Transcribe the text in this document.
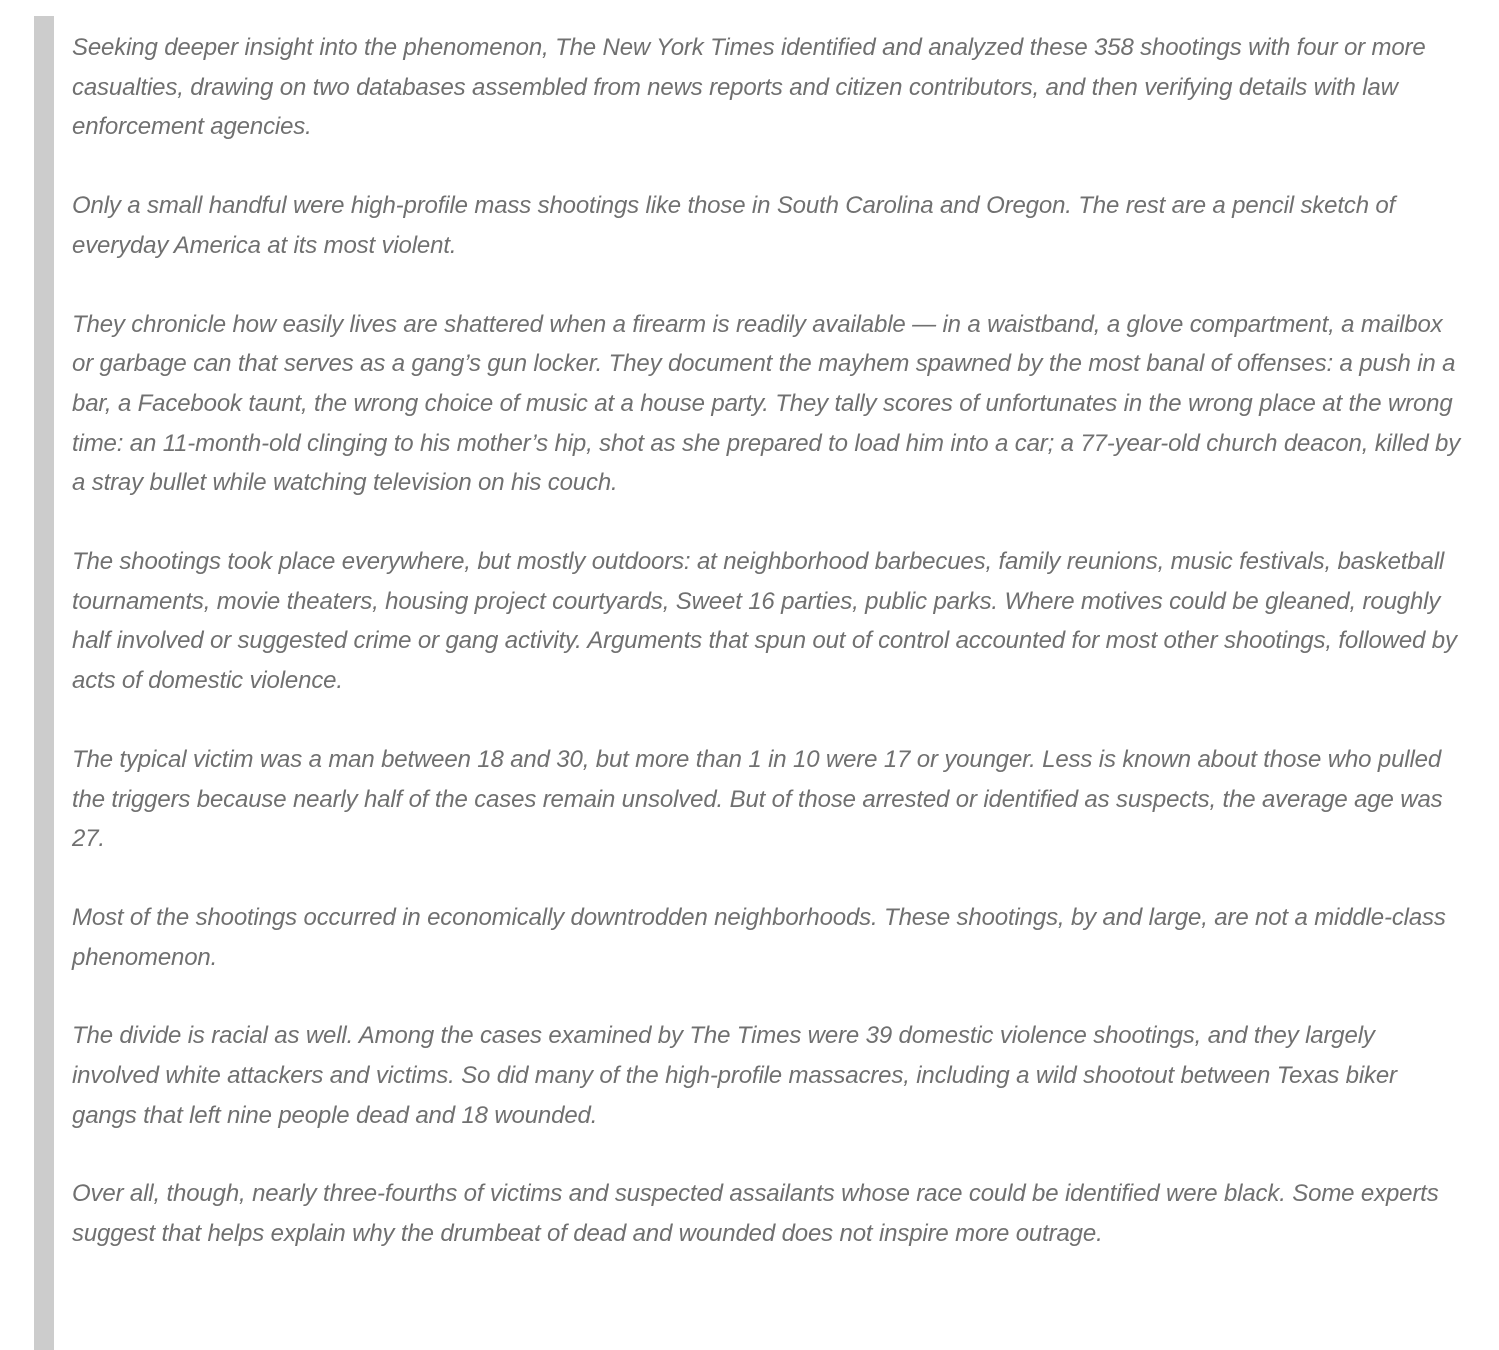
Seeking deeper insight into the phenomenon, The New York Times identified and analyzed these 358 shootings with four or more casualties, drawing on two databases assembled from news reports and citizen contributors, and then verifying details with law enforcement agencies.

Only a small handful were high-profile mass shootings like those in South Carolina and Oregon. The rest are a pencil sketch of everyday America at its most violent.

They chronicle how easily lives are shattered when a firearm is readily available — in a waistband, a glove compartment, a mailbox or garbage can that serves as a gang’s gun locker. They document the mayhem spawned by the most banal of offenses: a push in a bar, a Facebook taunt, the wrong choice of music at a house party. They tally scores of unfortunates in the wrong place at the wrong time: an 11-month-old clinging to his mother’s hip, shot as she prepared to load him into a car; a 77-year-old church deacon, killed by a stray bullet while watching television on his couch.

The shootings took place everywhere, but mostly outdoors: at neighborhood barbecues, family reunions, music festivals, basketball tournaments, movie theaters, housing project courtyards, Sweet 16 parties, public parks. Where motives could be gleaned, roughly half involved or suggested crime or gang activity. Arguments that spun out of control accounted for most other shootings, followed by acts of domestic violence.

The typical victim was a man between 18 and 30, but more than 1 in 10 were 17 or younger. Less is known about those who pulled the triggers because nearly half of the cases remain unsolved. But of those arrested or identified as suspects, the average age was 27.

Most of the shootings occurred in economically downtrodden neighborhoods. These shootings, by and large, are not a middle-class phenomenon.

The divide is racial as well. Among the cases examined by The Times were 39 domestic violence shootings, and they largely involved white attackers and victims. So did many of the high-profile massacres, including a wild shootout between Texas biker gangs that left nine people dead and 18 wounded.

Over all, though, nearly three-fourths of victims and suspected assailants whose race could be identified were black. Some experts suggest that helps explain why the drumbeat of dead and wounded does not inspire more outrage.
